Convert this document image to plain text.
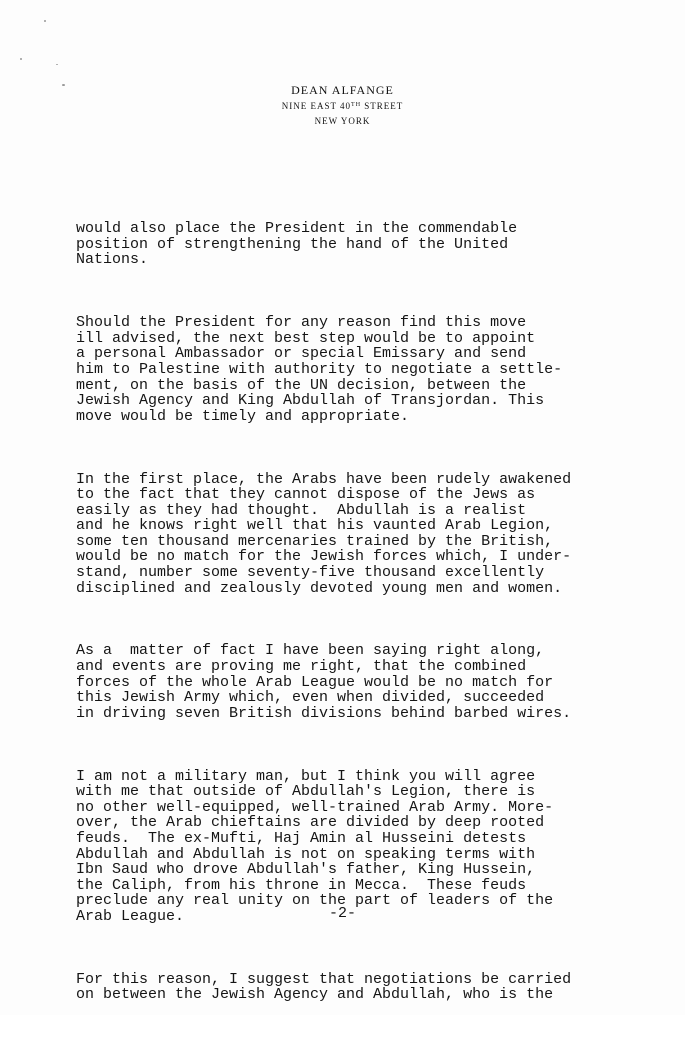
DEAN ALFANGE
NINE EAST 40TH STREET
NEW YORK

would also place the President in the commendable
position of strengthening the hand of the United
Nations.

Should the President for any reason find this move
ill advised, the next best step would be to appoint
a personal Ambassador or special Emissary and send
him to Palestine with authority to negotiate a settle-
ment, on the basis of the UN decision, between the
Jewish Agency and King Abdullah of Transjordan. This
move would be timely and appropriate.

In the first place, the Arabs have been rudely awakened
to the fact that they cannot dispose of the Jews as
easily as they had thought.  Abdullah is a realist
and he knows right well that his vaunted Arab Legion,
some ten thousand mercenaries trained by the British,
would be no match for the Jewish forces which, I under-
stand, number some seventy-five thousand excellently
disciplined and zealously devoted young men and women.

As a  matter of fact I have been saying right along,
and events are proving me right, that the combined
forces of the whole Arab League would be no match for
this Jewish Army which, even when divided, succeeded
in driving seven British divisions behind barbed wires.

I am not a military man, but I think you will agree
with me that outside of Abdullah's Legion, there is
no other well-equipped, well-trained Arab Army. More-
over, the Arab chieftains are divided by deep rooted
feuds.  The ex-Mufti, Haj Amin al Husseini detests
Abdullah and Abdullah is not on speaking terms with
Ibn Saud who drove Abdullah's father, King Hussein,
the Caliph, from his throne in Mecca.  These feuds
preclude any real unity on the part of leaders of the
Arab League.

For this reason, I suggest that negotiations be carried
on between the Jewish Agency and Abdullah, who is the

-2-
